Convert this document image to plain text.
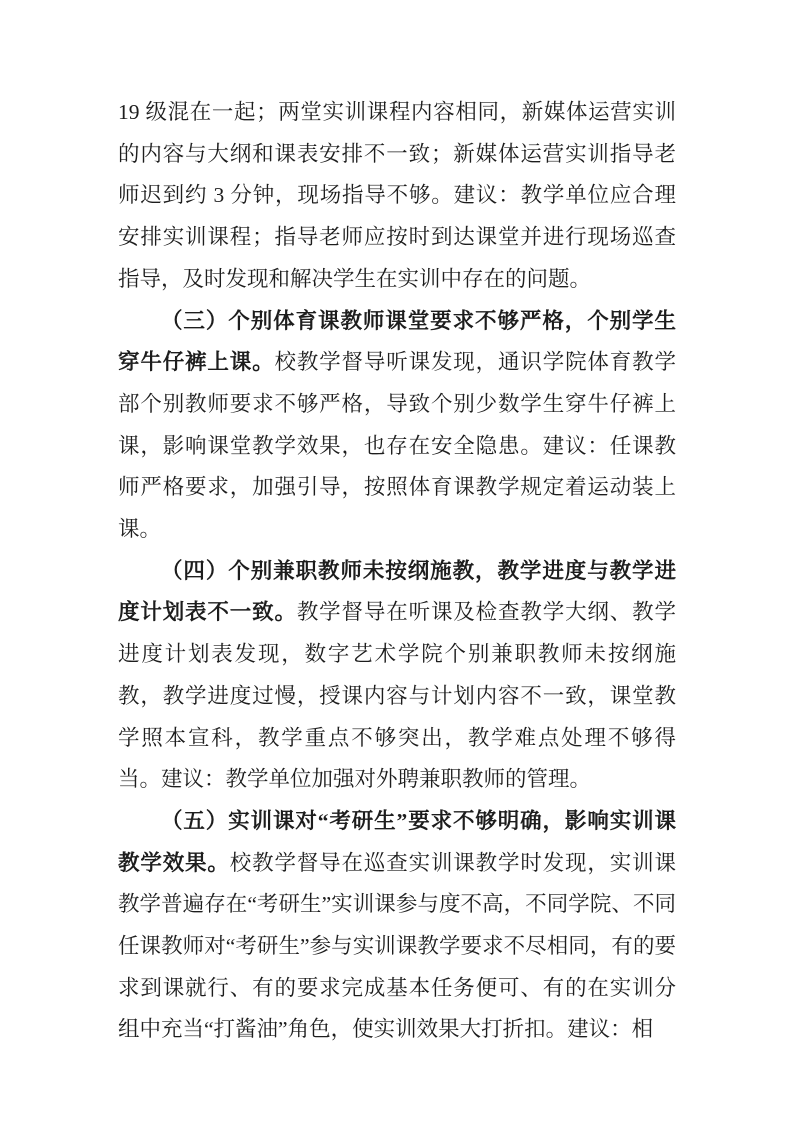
19 级混在一起；两堂实训课程内容相同，新媒体运营实训的内容与大纲和课表安排不一致；新媒体运营实训指导老师迟到约 3 分钟，现场指导不够。建议：教学单位应合理安排实训课程；指导老师应按时到达课堂并进行现场巡查指导，及时发现和解决学生在实训中存在的问题。

（三）个别体育课教师课堂要求不够严格，个别学生穿牛仔裤上课。校教学督导听课发现，通识学院体育教学部个别教师要求不够严格，导致个别少数学生穿牛仔裤上课，影响课堂教学效果，也存在安全隐患。建议：任课教师严格要求，加强引导，按照体育课教学规定着运动装上课。

（四）个别兼职教师未按纲施教，教学进度与教学进度计划表不一致。教学督导在听课及检查教学大纲、教学进度计划表发现，数字艺术学院个别兼职教师未按纲施教，教学进度过慢，授课内容与计划内容不一致，课堂教学照本宣科，教学重点不够突出，教学难点处理不够得当。建议：教学单位加强对外聘兼职教师的管理。

（五）实训课对“考研生”要求不够明确，影响实训课教学效果。校教学督导在巡查实训课教学时发现，实训课教学普遍存在“考研生”实训课参与度不高，不同学院、不同任课教师对“考研生”参与实训课教学要求不尽相同，有的要求到课就行、有的要求完成基本任务便可、有的在实训分组中充当“打酱油”角色，使实训效果大打折扣。建议：相
